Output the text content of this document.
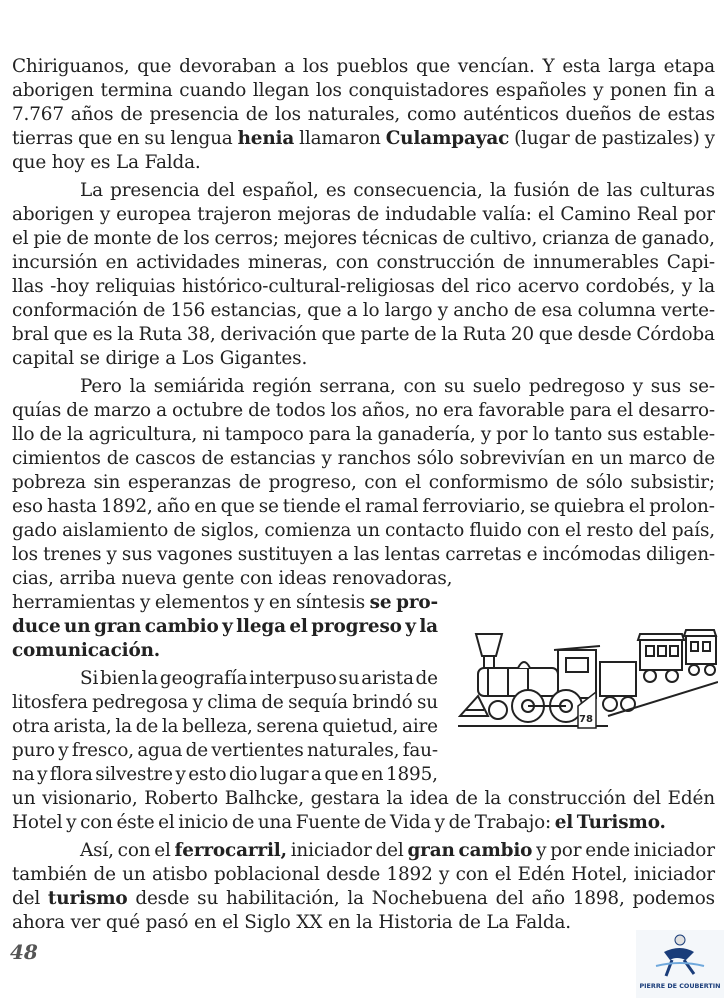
Chiriguanos, que devoraban a los pueblos que vencían. Y esta larga etapa
aborigen termina cuando llegan los conquistadores españoles y ponen fin a
7.767 años de presencia de los naturales, como auténticos dueños de estas
tierras que en su lengua henia llamaron Culampayac (lugar de pastizales) y
que hoy es La Falda.
La presencia del español, es consecuencia, la fusión de las culturas
aborigen y europea trajeron mejoras de indudable valía: el Camino Real por
el pie de monte de los cerros; mejores técnicas de cultivo, crianza de ganado,
incursión en actividades mineras, con construcción de innumerables Capi-
llas -hoy reliquias histórico-cultural-religiosas del rico acervo cordobés, y la
conformación de 156 estancias, que a lo largo y ancho de esa columna verte-
bral que es la Ruta 38, derivación que parte de la Ruta 20 que desde Córdoba
capital se dirige a Los Gigantes.
Pero la semiárida región serrana, con su suelo pedregoso y sus se-
quías de marzo a octubre de todos los años, no era favorable para el desarro-
llo de la agricultura, ni tampoco para la ganadería, y por lo tanto sus estable-
cimientos de cascos de estancias y ranchos sólo sobrevivían en un marco de
pobreza sin esperanzas de progreso, con el conformismo de sólo subsistir;
eso hasta 1892, año en que se tiende el ramal ferroviario, se quiebra el prolon-
gado aislamiento de siglos, comienza un contacto fluido con el resto del país,
los trenes y sus vagones sustituyen a las lentas carretas e incómodas diligen-
cias, arriba nueva gente con ideas renovadoras,
herramientas y elementos y en síntesis se pro-
duce un gran cambio y llega el progreso y la
comunicación.
Si bien la geografía interpuso su arista de
litosfera pedregosa y clima de sequía brindó su
otra arista, la de la belleza, serena quietud, aire
puro y fresco, agua de vertientes naturales, fau-
na y flora silvestre y esto dio lugar a que en 1895,
un visionario, Roberto Balhcke, gestara la idea de la construcción del Edén
Hotel y con éste el inicio de una Fuente de Vida y de Trabajo: el Turismo.
Así, con el ferrocarril, iniciador del gran cambio y por ende iniciador
también de un atisbo poblacional desde 1892 y con el Edén Hotel, iniciador
del turismo desde su habilitación, la Nochebuena del año 1898, podemos
ahora ver qué pasó en el Siglo XX en la Historia de La Falda.
78
48
PIERRE DE COUBERTIN
